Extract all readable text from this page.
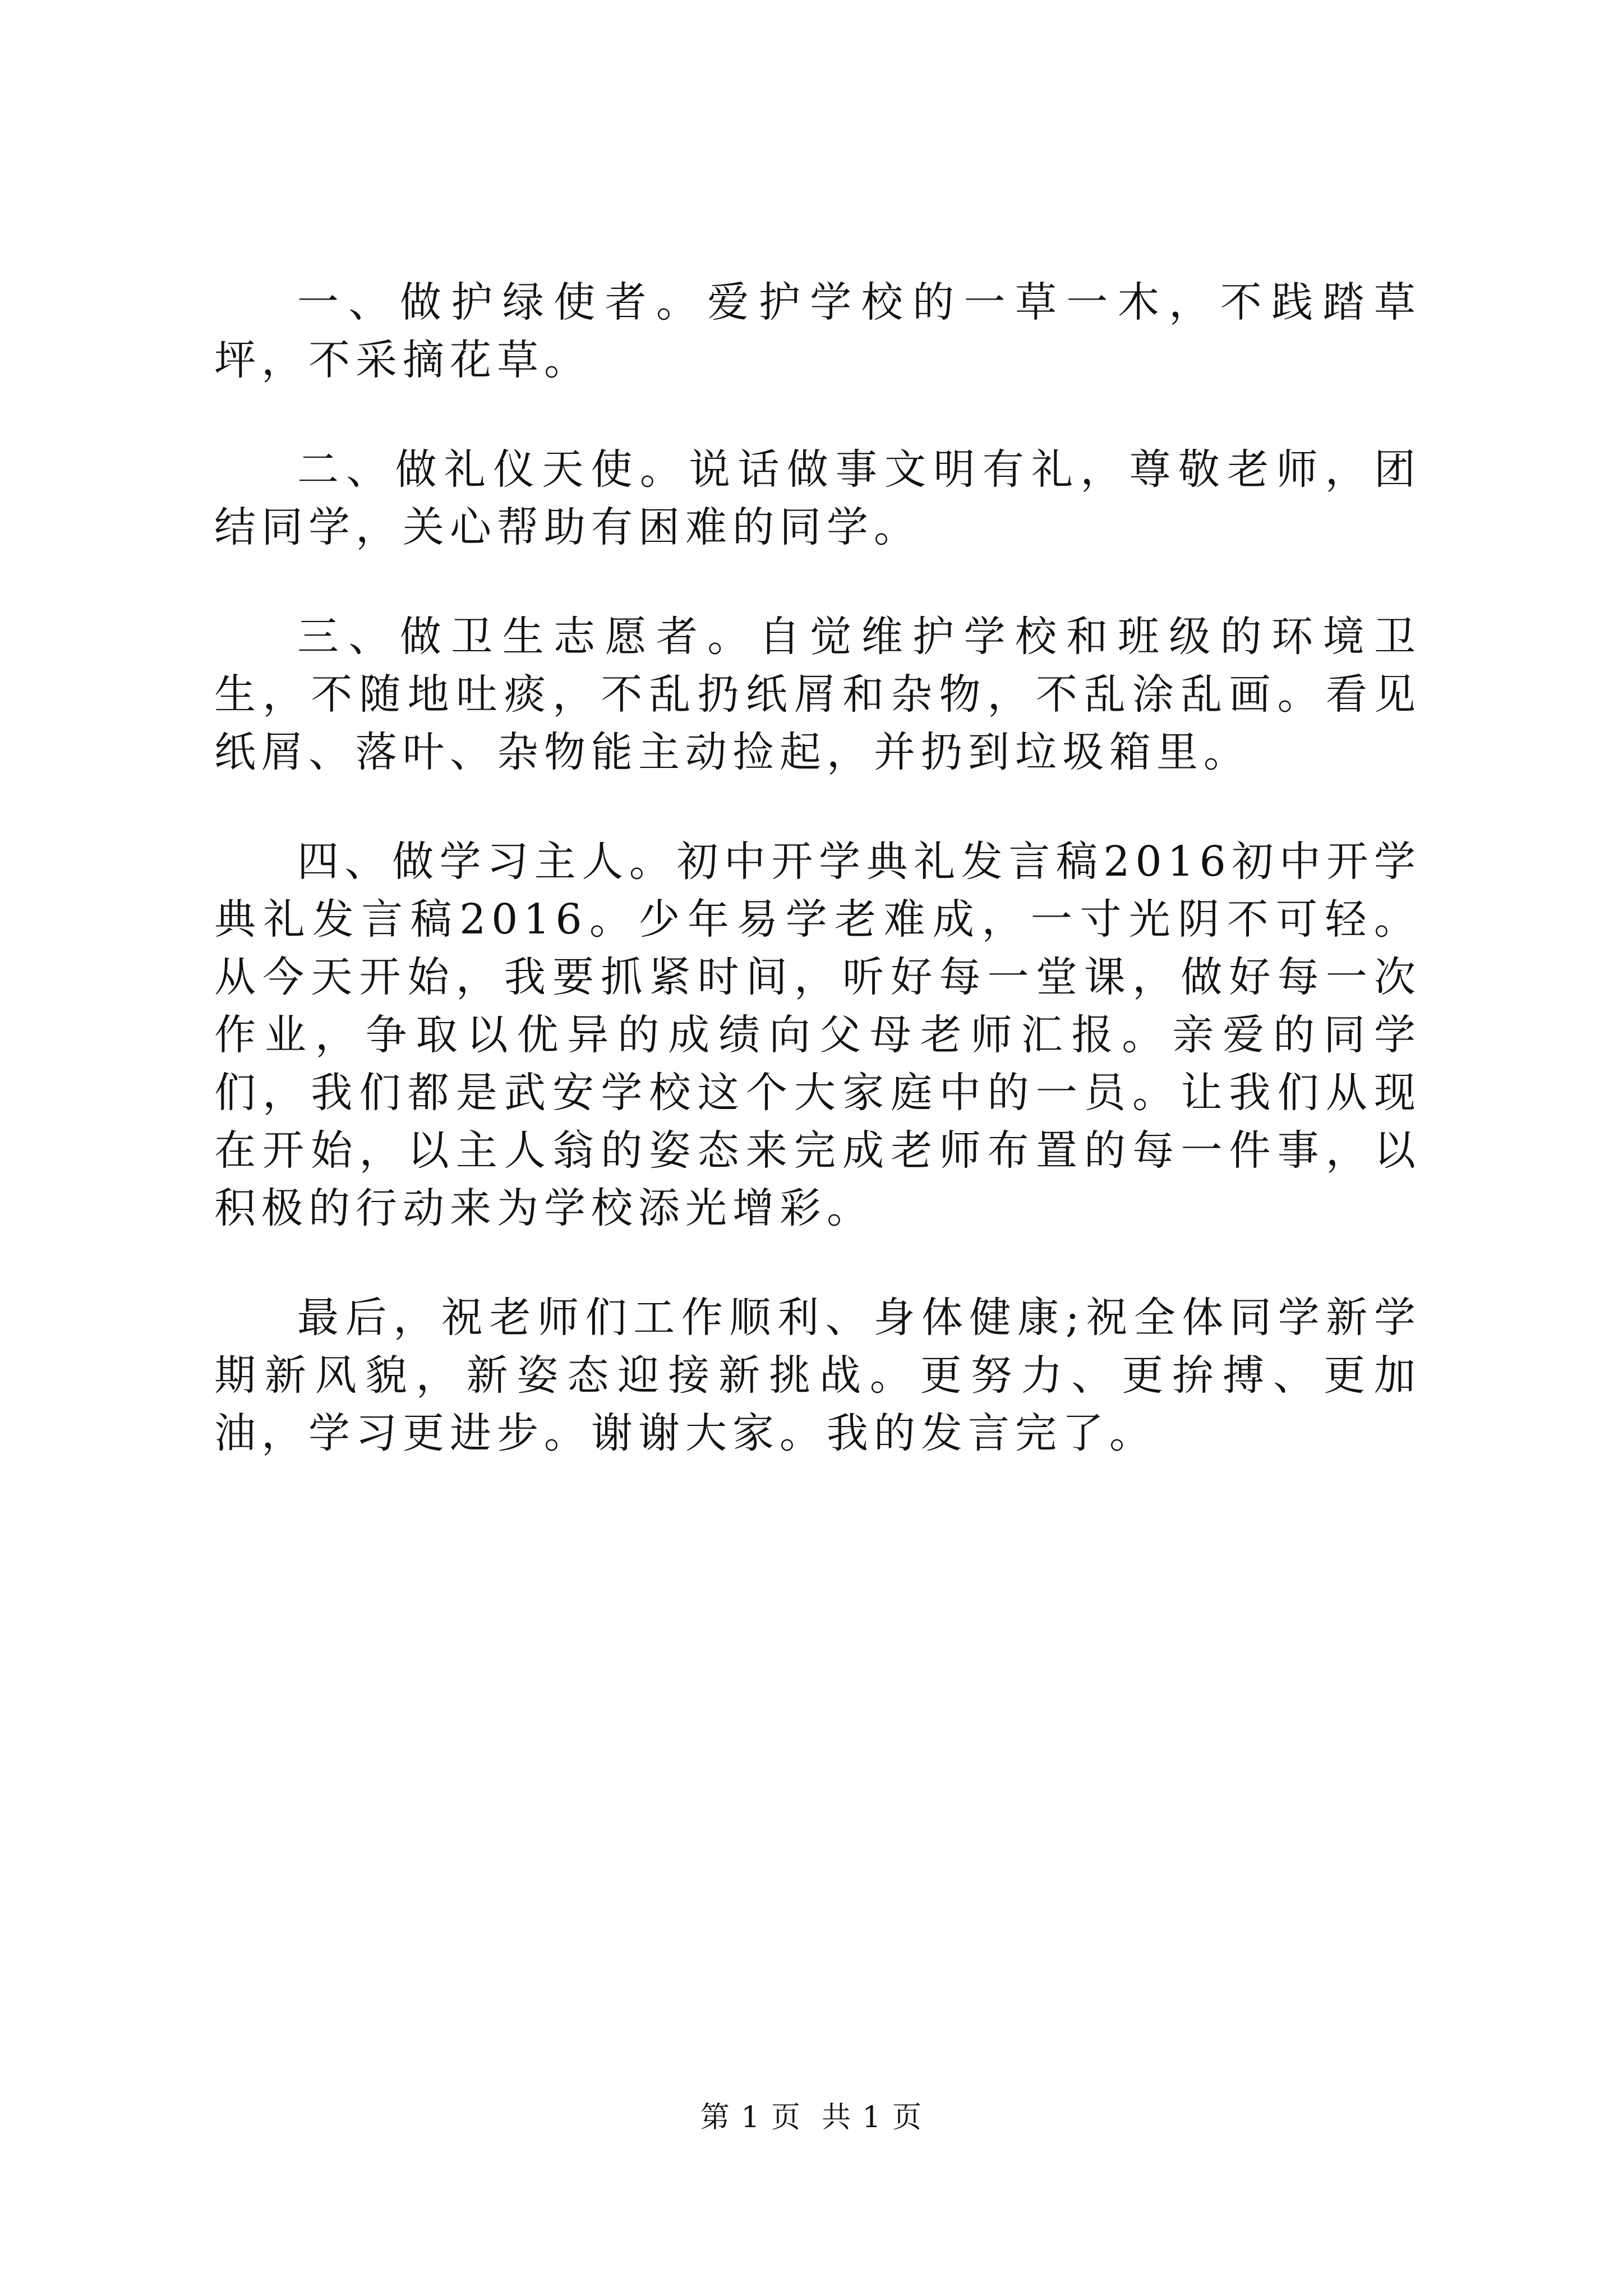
一、做护绿使者。爱护学校的一草一木，不践踏草坪，不采摘花草。

二、做礼仪天使。说话做事文明有礼，尊敬老师，团结同学，关心帮助有困难的同学。

三、做卫生志愿者。自觉维护学校和班级的环境卫生，不随地吐痰，不乱扔纸屑和杂物，不乱涂乱画。看见纸屑、落叶、杂物能主动捡起，并扔到垃圾箱里。

四、做学习主人。初中开学典礼发言稿2016初中开学典礼发言稿2016。少年易学老难成，一寸光阴不可轻。从今天开始，我要抓紧时间，听好每一堂课，做好每一次作业，争取以优异的成绩向父母老师汇报。亲爱的同学们，我们都是武安学校这个大家庭中的一员。让我们从现在开始，以主人翁的姿态来完成老师布置的每一件事，以积极的行动来为学校添光增彩。

最后，祝老师们工作顺利、身体健康;祝全体同学新学期新风貌，新姿态迎接新挑战。更努力、更拚搏、更加油，学习更进步。谢谢大家。我的发言完了。

第 1 页 共 1 页
